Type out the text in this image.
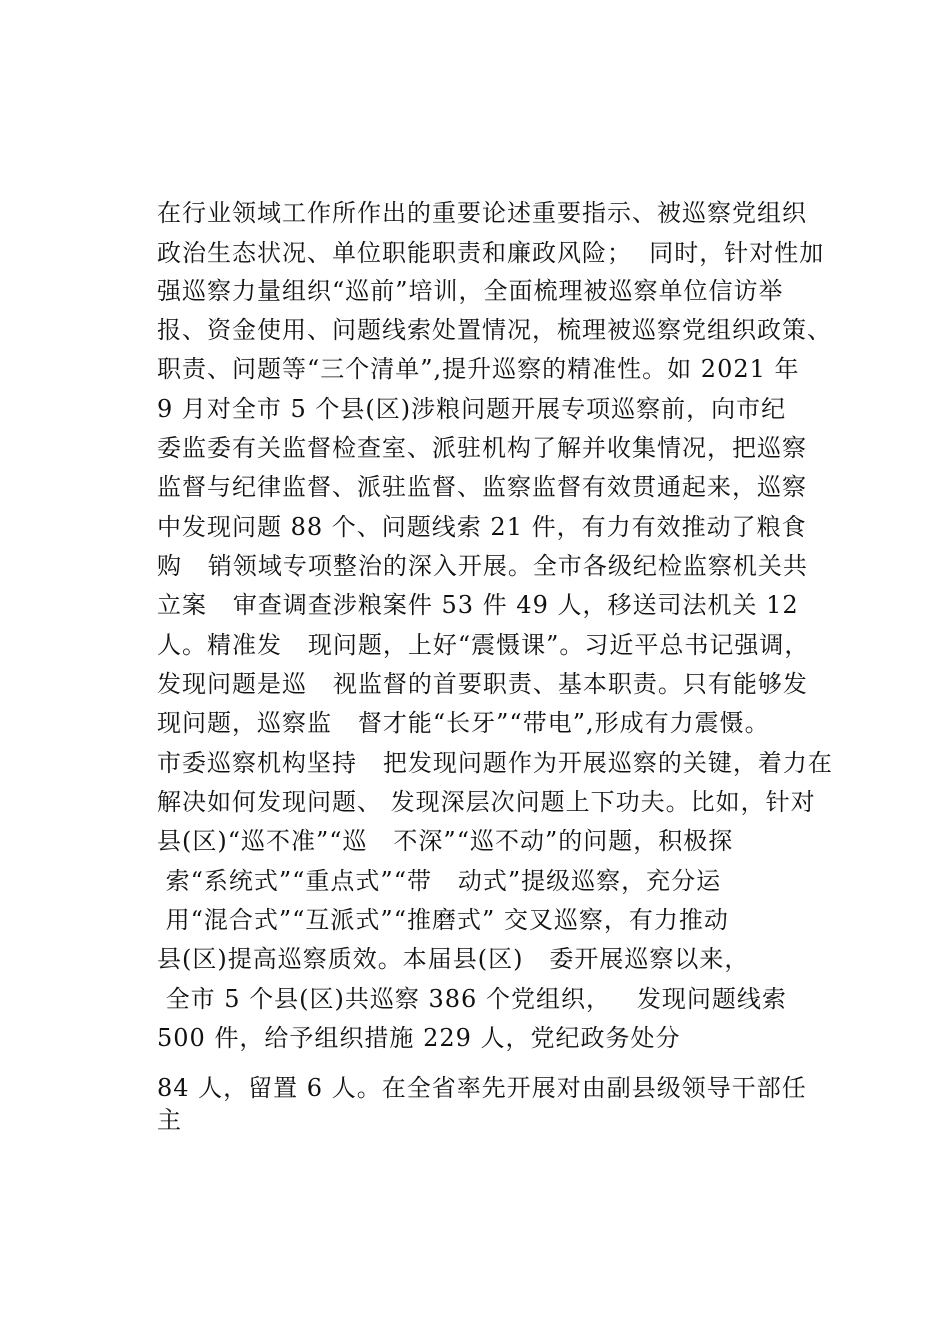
在行业领域工作所作出的重要论述重要指示、被巡察党组织

政治生态状况、单位职能职责和廉政风险；  同时，针对性加

强巡察力量组织“巡前”培训，全面梳理被巡察单位信访举

报、资金使用、问题线索处置情况，梳理被巡察党组织政策、

职责、问题等“三个清单”,提升巡察的精准性。如 2021 年

9 月对全市 5 个县(区)涉粮问题开展专项巡察前，向市纪

委监委有关监督检查室、派驻机构了解并收集情况，把巡察

监督与纪律监督、派驻监督、监察监督有效贯通起来，巡察

中发现问题 88 个、问题线索 21 件，有力有效推动了粮食

购   销领域专项整治的深入开展。全市各级纪检监察机关共

立案   审查调查涉粮案件 53 件 49 人，移送司法机关 12

人。精准发   现问题，上好“震慑课”。习近平总书记强调，

发现问题是巡   视监督的首要职责、基本职责。只有能够发

现问题，巡察监   督才能“长牙”“带电”,形成有力震慑。

市委巡察机构坚持   把发现问题作为开展巡察的关键，着力在

解决如何发现问题、 发现深层次问题上下功夫。比如，针对

县(区)“巡不准”“巡   不深”“巡不动”的问题，积极探

索“系统式”“重点式”“带   动式”提级巡察，充分运

用“混合式”“互派式”“推磨式” 交叉巡察，有力推动

县(区)提高巡察质效。本届县(区)   委开展巡察以来，

全市 5 个县(区)共巡察 386 个党组织，   发现问题线索

500 件，给予组织措施 229 人，党纪政务处分

84 人，留置 6 人。在全省率先开展对由副县级领导干部任

主
